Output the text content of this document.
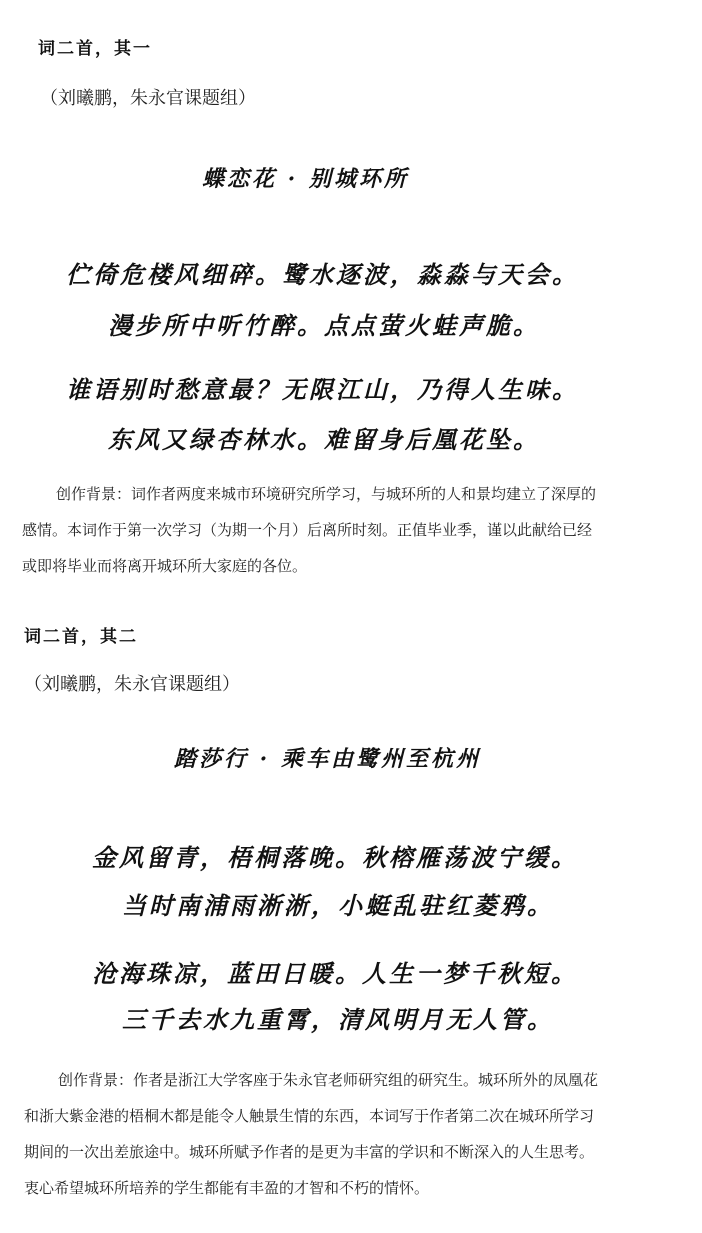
词二首，其一
（刘曦鹏，朱永官课题组）
蝶恋花 · 别城环所
伫倚危楼风细碎。鹭水逐波，淼淼与天会。
漫步所中听竹醉。点点萤火蛙声脆。
谁语别时愁意最？无限江山，乃得人生味。
东风又绿杏林水。难留身后凰花坠。
创作背景：词作者两度来城市环境研究所学习，与城环所的人和景均建立了深厚的
感情。本词作于第一次学习（为期一个月）后离所时刻。正值毕业季，谨以此献给已经
或即将毕业而将离开城环所大家庭的各位。
词二首，其二
（刘曦鹏，朱永官课题组）
踏莎行 · 乘车由鹭州至杭州
金风留青，梧桐落晚。秋榕雁荡波宁缓。
当时南浦雨淅淅，小蜓乱驻红菱鸦。
沧海珠凉，蓝田日暖。人生一梦千秋短。
三千去水九重霄，清风明月无人管。
创作背景：作者是浙江大学客座于朱永官老师研究组的研究生。城环所外的凤凰花
和浙大紫金港的梧桐木都是能令人触景生情的东西，本词写于作者第二次在城环所学习
期间的一次出差旅途中。城环所赋予作者的是更为丰富的学识和不断深入的人生思考。
衷心希望城环所培养的学生都能有丰盈的才智和不朽的情怀。
